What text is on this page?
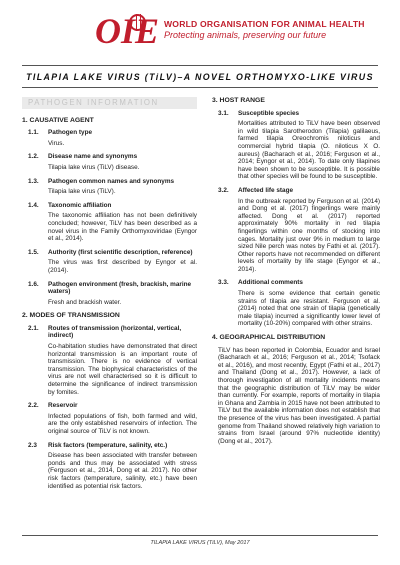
OIE WORLD ORGANISATION FOR ANIMAL HEALTH
Protecting animals, preserving our future
TILAPIA LAKE VIRUS (TiLV)–A NOVEL ORTHOMYXO-LIKE VIRUS
PATHOGEN INFORMATION
1. CAUSATIVE AGENT
1.1.	Pathogen type
Virus.
1.2.	Disease name and synonyms
Tilapia lake virus (TiLV) disease.
1.3.	Pathogen common names and synonyms
Tilapia lake virus (TiLV).
1.4.	Taxonomic affiliation
The taxonomic affiliation has not been definitively concluded; however, TiLV has been described as a novel virus in the Family Orthomyxoviridae (Eyngor et al., 2014).
1.5.	Authority (first scientific description, reference)
The virus was first described by Eyngor et al. (2014).
1.6.	Pathogen environment (fresh, brackish, marine waters)
Fresh and brackish water.
2. MODES OF TRANSMISSION
2.1.	Routes of transmission (horizontal, vertical, indirect)
Co-habitation studies have demonstrated that direct horizontal transmission is an important route of transmission. There is no evidence of vertical transmission. The biophysical characteristics of the virus are not well characterised so it is difficult to determine the significance of indirect transmission by fomites.
2.2.	Reservoir
Infected populations of fish, both farmed and wild, are the only established reservoirs of infection. The original source of TiLV is not known.
2.3	Risk factors (temperature, salinity, etc.)
Disease has been associated with transfer between ponds and thus may be associated with stress (Ferguson et al., 2014, Dong et al. 2017). No other risk factors (temperature, salinity, etc.) have been identified as potential risk factors.
3. HOST RANGE
3.1.	Susceptible species
Mortalities attributed to TiLV have been observed in wild tilapia Sarotherodon (Tilapia) galilaeus, farmed tilapia Oreochromis niloticus and commercial hybrid tilapia (O. niloticus X O. aureus) (Bacharach et al., 2016; Ferguson et al., 2014; Eyngor et al., 2014). To date only tilapines have been shown to be susceptible. It is possible that other species will be found to be susceptible.
3.2.	Affected life stage
In the outbreak reported by Ferguson et al. (2014) and Dong et al. (2017) fingerlings were mainly affected. Dong et al. (2017) reported approximately 90% mortality in red tilapia fingerlings within one months of stocking into cages. Mortality just over 9% in medium to large sized Nile perch was notes by Fathi et al. (2017). Other reports have not recommended on different levels of mortality by life stage (Eyngor et al., 2014).
3.3.	Additional comments
There is some evidence that certain genetic strains of tilapia are resistant. Ferguson et al. (2014) noted that one strain of tilapia (genetically male tilapia) incurred a significantly lower level of mortality (10-20%) compared with other strains.
4. GEOGRAPHICAL DISTRIBUTION
TiLV has been reported in Colombia, Ecuador and Israel (Bacharach et al., 2016; Ferguson et al., 2014; Tsofack et al., 2016), and most recently, Egypt (Fathi et al., 2017) and Thailand (Dong et al., 2017). However, a lack of thorough investigation of all mortality incidents means that the geographic distribution of TiLV may be wider than currently. For example, reports of mortality in tilapia in Ghana and Zambia in 2015 have not been attributed to TiLV but the available information does not establish that the presence of the virus has been investigated. A partial genome from Thailand showed relatively high variation to strains from Israel (around 97% nucleotide identity) (Dong et al., 2017).
TILAPIA LAKE VIRUS (TiLV), May 2017
